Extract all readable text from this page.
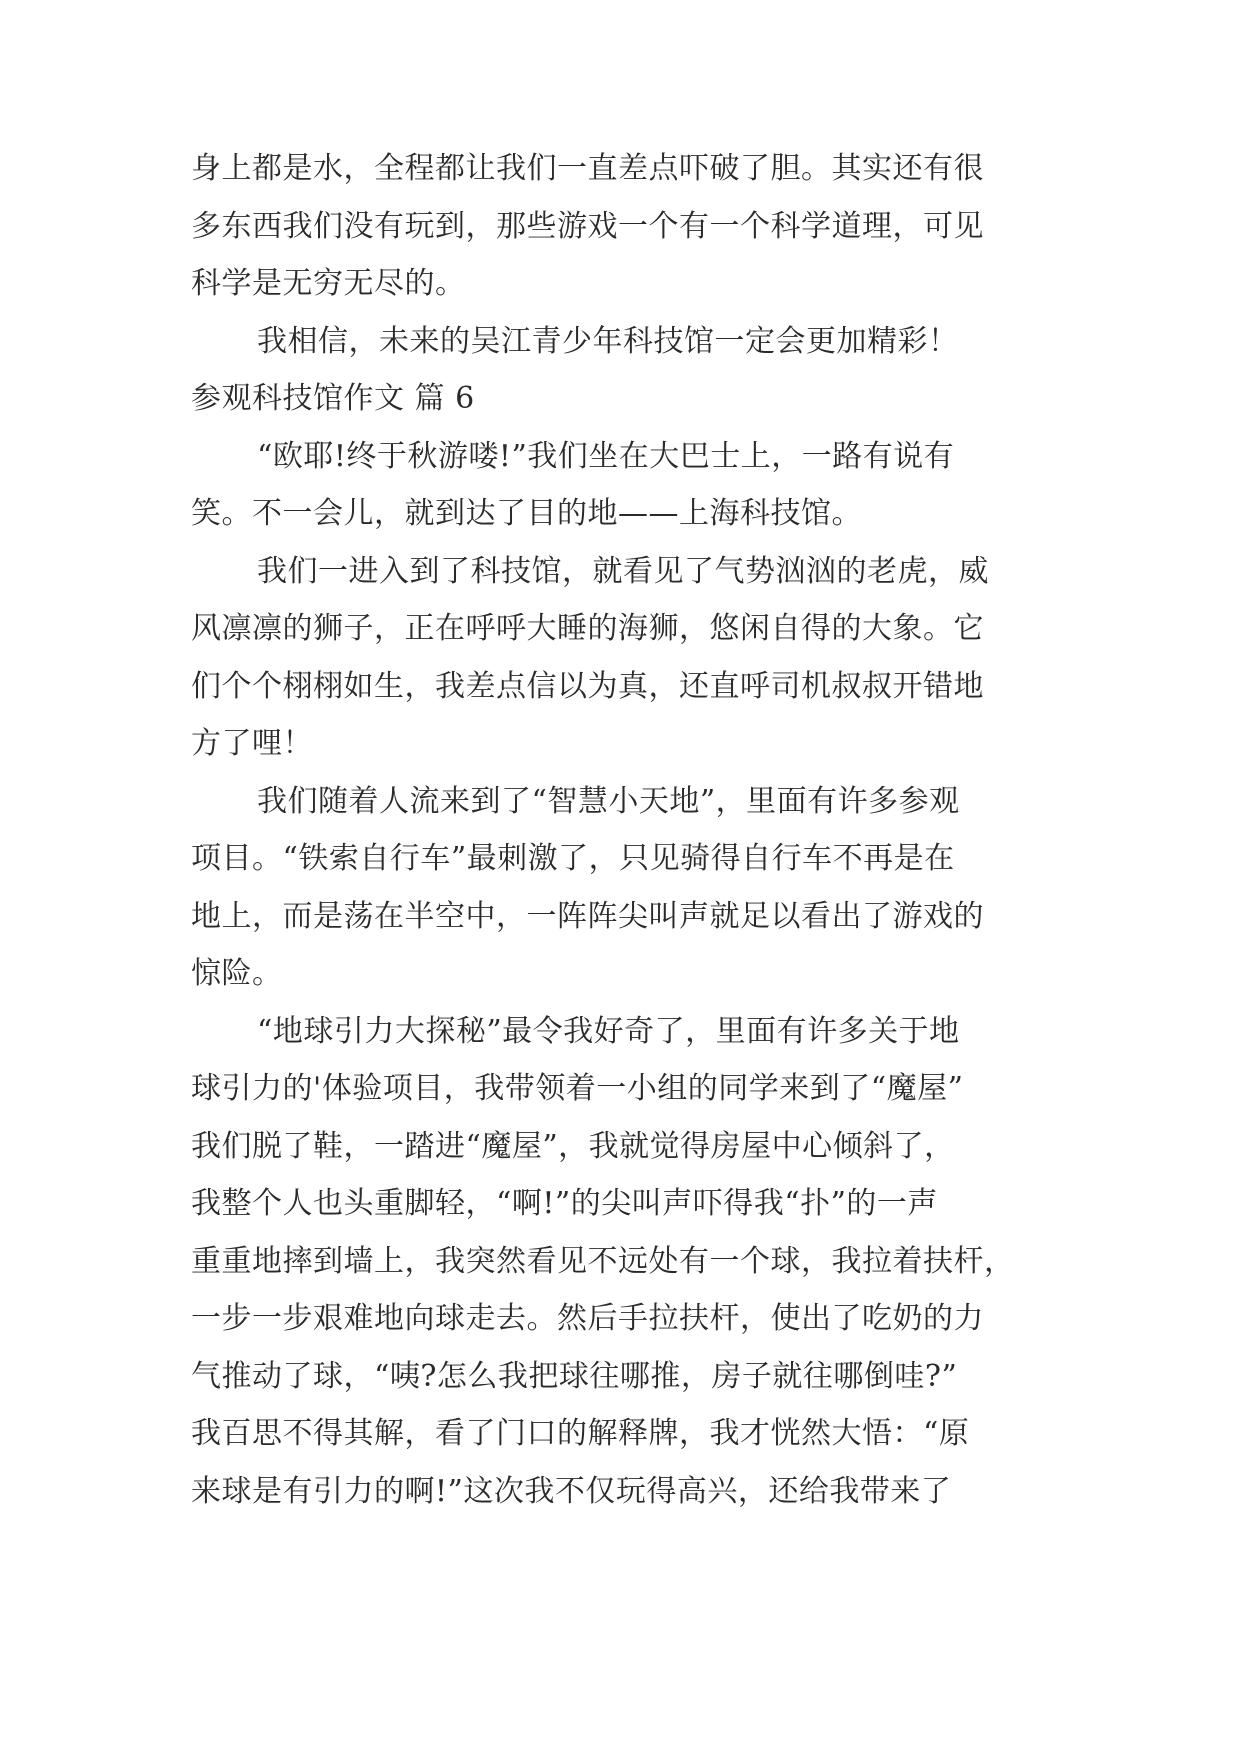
身上都是水，全程都让我们一直差点吓破了胆。其实还有很
多东西我们没有玩到，那些游戏一个有一个科学道理，可见
科学是无穷无尽的。
我相信，未来的吴江青少年科技馆一定会更加精彩！
参观科技馆作文 篇 6
“欧耶!终于秋游喽!”我们坐在大巴士上，一路有说有
笑。不一会儿，就到达了目的地——上海科技馆。
我们一进入到了科技馆，就看见了气势汹汹的老虎，威
风凛凛的狮子，正在呼呼大睡的海狮，悠闲自得的大象。它
们个个栩栩如生，我差点信以为真，还直呼司机叔叔开错地
方了哩！
我们随着人流来到了“智慧小天地”，里面有许多参观
项目。“铁索自行车”最刺激了，只见骑得自行车不再是在
地上，而是荡在半空中，一阵阵尖叫声就足以看出了游戏的
惊险。
“地球引力大探秘”最令我好奇了，里面有许多关于地
球引力的'体验项目，我带领着一小组的同学来到了“魔屋”
我们脱了鞋，一踏进“魔屋”，我就觉得房屋中心倾斜了，
我整个人也头重脚轻，“啊!”的尖叫声吓得我“扑”的一声
重重地摔到墙上，我突然看见不远处有一个球，我拉着扶杆，
一步一步艰难地向球走去。然后手拉扶杆，使出了吃奶的力
气推动了球，“咦?怎么我把球往哪推，房子就往哪倒哇?”
我百思不得其解，看了门口的解释牌，我才恍然大悟：“原
来球是有引力的啊!”这次我不仅玩得高兴，还给我带来了
